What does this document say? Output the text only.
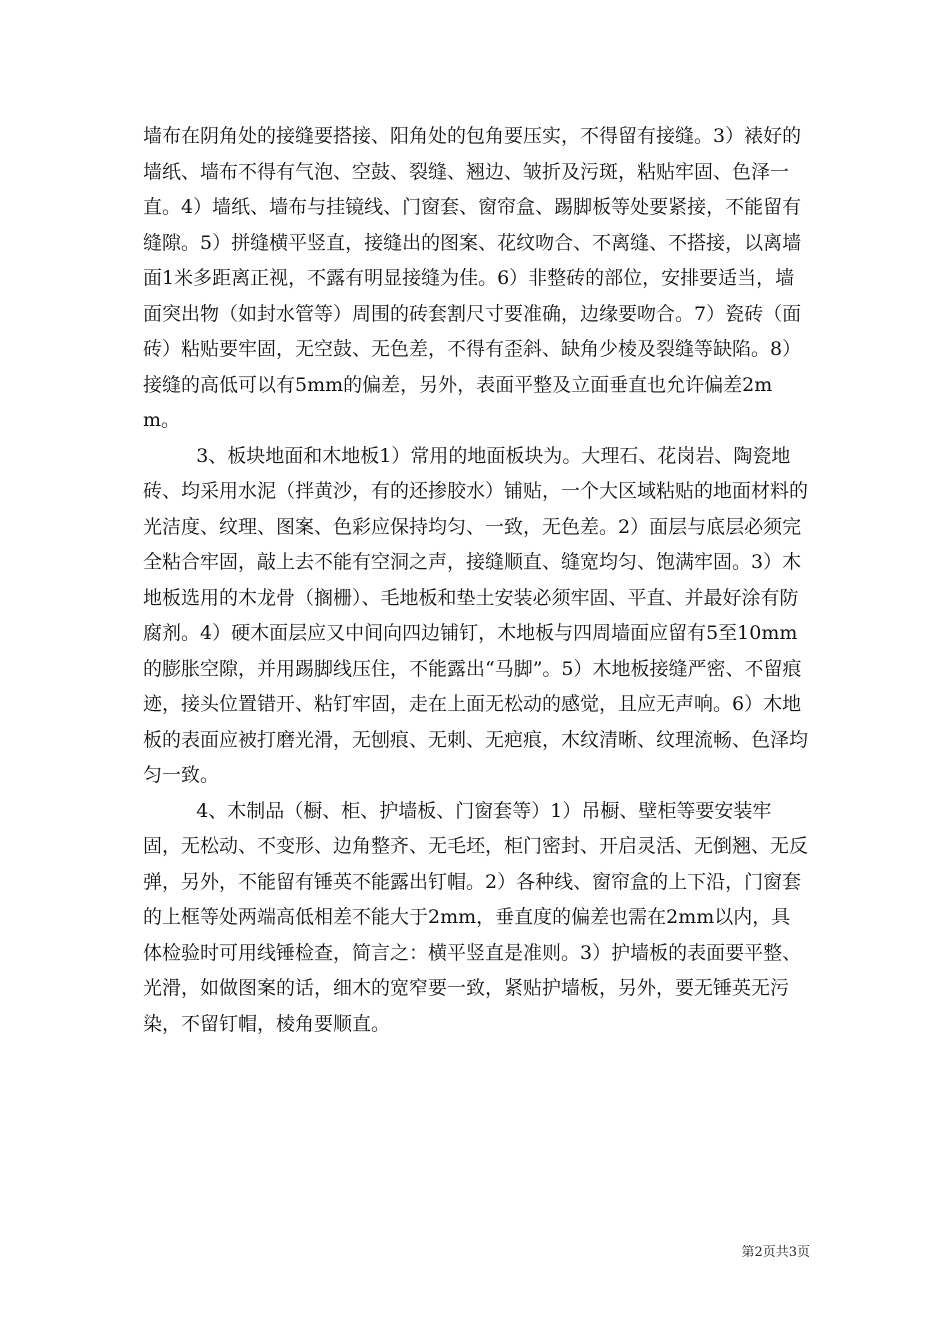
墙布在阴角处的接缝要搭接、阳角处的包角要压实，不得留有接缝。3）裱好的墙纸、墙布不得有气泡、空鼓、裂缝、翘边、皱折及污斑，粘贴牢固、色泽一直。4）墙纸、墙布与挂镜线、门窗套、窗帘盒、踢脚板等处要紧接，不能留有缝隙。5）拼缝横平竖直，接缝出的图案、花纹吻合、不离缝、不搭接，以离墙面1米多距离正视，不露有明显接缝为佳。6）非整砖的部位，安排要适当，墙面突出物（如封水管等）周围的砖套割尺寸要准确，边缘要吻合。7）瓷砖（面砖）粘贴要牢固，无空鼓、无色差，不得有歪斜、缺角少棱及裂缝等缺陷。8）接缝的高低可以有5mm的偏差，另外，表面平整及立面垂直也允许偏差2mm。

3、板块地面和木地板1）常用的地面板块为。大理石、花岗岩、陶瓷地砖、均采用水泥（拌黄沙，有的还掺胶水）铺贴，一个大区域粘贴的地面材料的光洁度、纹理、图案、色彩应保持均匀、一致，无色差。2）面层与底层必须完全粘合牢固，敲上去不能有空洞之声，接缝顺直、缝宽均匀、饱满牢固。3）木地板选用的木龙骨（搁栅）、毛地板和垫土安装必须牢固、平直、并最好涂有防腐剂。4）硬木面层应又中间向四边铺钉，木地板与四周墙面应留有5至10mm的膨胀空隙，并用踢脚线压住，不能露出“马脚”。5）木地板接缝严密、不留痕迹，接头位置错开、粘钉牢固，走在上面无松动的感觉，且应无声响。6）木地板的表面应被打磨光滑，无刨痕、无刺、无疤痕，木纹清晰、纹理流畅、色泽均匀一致。

4、木制品（橱、柜、护墙板、门窗套等）1）吊橱、壁柜等要安装牢固，无松动、不变形、边角整齐、无毛坯，柜门密封、开启灵活、无倒翘、无反弹，另外，不能留有锤英不能露出钉帽。2）各种线、窗帘盒的上下沿，门窗套的上框等处两端高低相差不能大于2mm，垂直度的偏差也需在2mm以内，具体检验时可用线锤检查，简言之：横平竖直是准则。3）护墙板的表面要平整、光滑，如做图案的话，细木的宽窄要一致，紧贴护墙板，另外，要无锤英无污染，不留钉帽，棱角要顺直。

第2页共3页
